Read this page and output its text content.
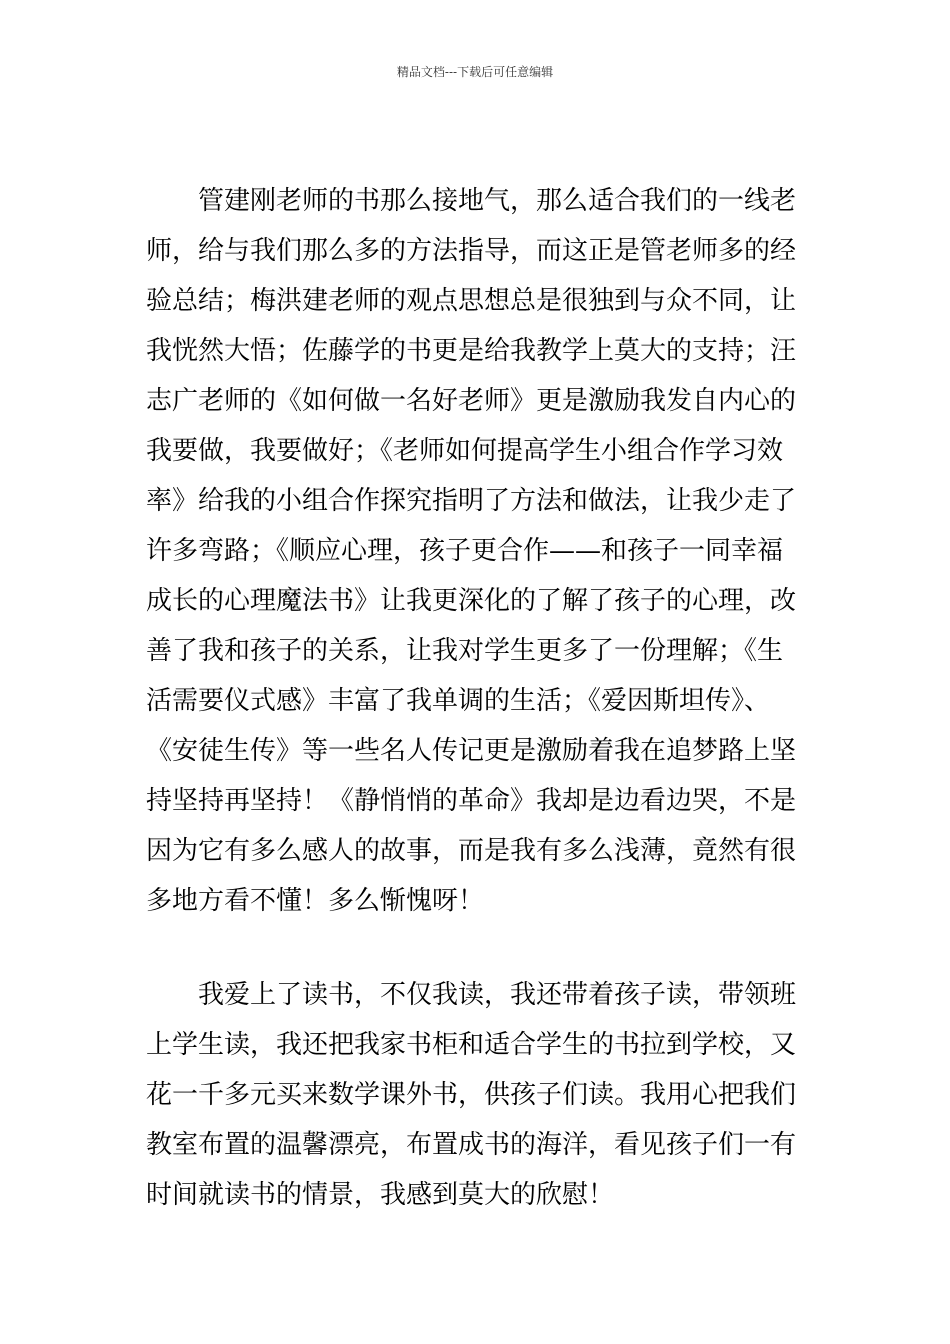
精品文档---下载后可任意编辑
　　管建刚老师的书那么接地气，那么适合我们的一线老
师，给与我们那么多的方法指导，而这正是管老师多的经
验总结；梅洪建老师的观点思想总是很独到与众不同，让
我恍然大悟；佐藤学的书更是给我教学上莫大的支持；汪
志广老师的《如何做一名好老师》更是激励我发自内心的
我要做，我要做好；《老师如何提高学生小组合作学习效
率》给我的小组合作探究指明了方法和做法，让我少走了
许多弯路；《顺应心理，孩子更合作——和孩子一同幸福
成长的心理魔法书》让我更深化的了解了孩子的心理，改
善了我和孩子的关系，让我对学生更多了一份理解；《生
活需要仪式感》丰富了我单调的生活；《爱因斯坦传》、
《安徒生传》等一些名人传记更是激励着我在追梦路上坚
持坚持再坚持！《静悄悄的革命》我却是边看边哭，不是
因为它有多么感人的故事，而是我有多么浅薄，竟然有很
多地方看不懂！多么惭愧呀！
　　我爱上了读书，不仅我读，我还带着孩子读，带领班
上学生读，我还把我家书柜和适合学生的书拉到学校，又
花一千多元买来数学课外书，供孩子们读。我用心把我们
教室布置的温馨漂亮，布置成书的海洋，看见孩子们一有
时间就读书的情景，我感到莫大的欣慰！
